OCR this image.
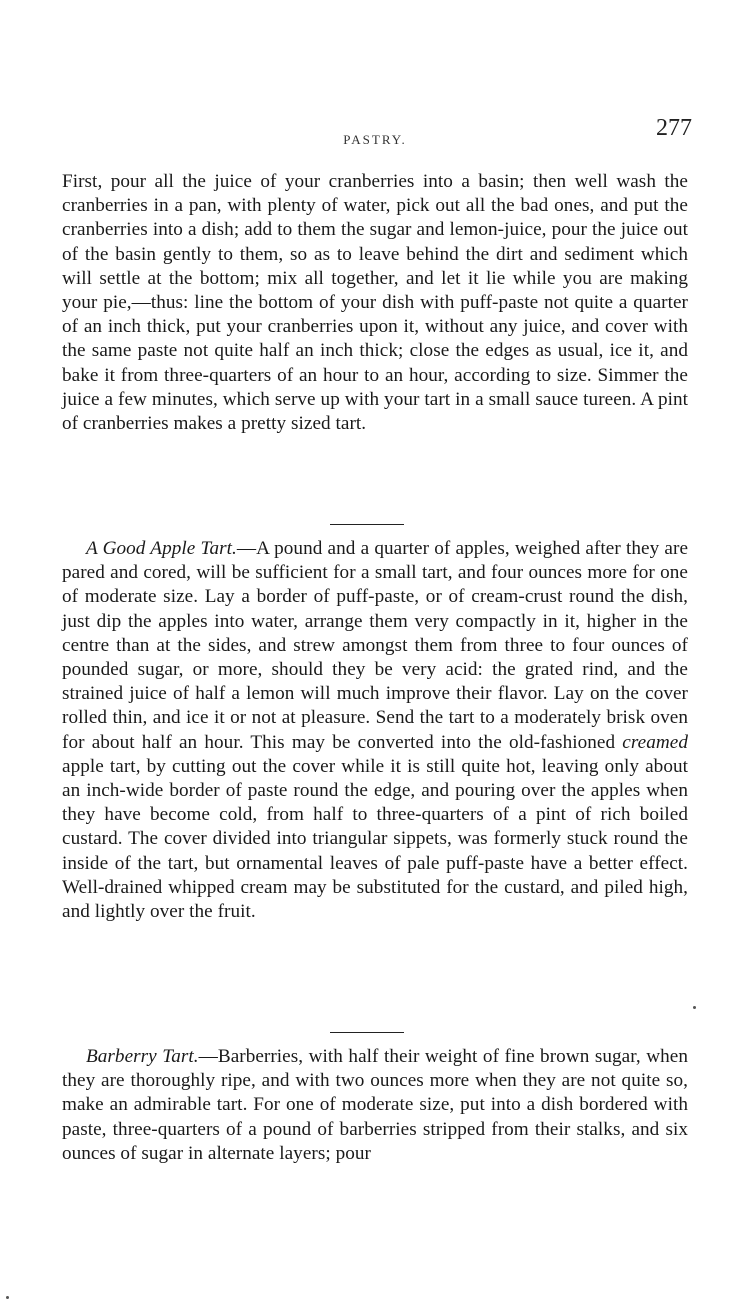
PASTRY.	277

First, pour all the juice of your cranberries into a basin; then well wash the cranberries in a pan, with plenty of water, pick out all the bad ones, and put the cranberries into a dish; add to them the sugar and lemon-juice, pour the juice out of the basin gently to them, so as to leave behind the dirt and sediment which will settle at the bottom; mix all together, and let it lie while you are making your pie,—thus: line the bottom of your dish with puff-paste not quite a quarter of an inch thick, put your cranberries upon it, without any juice, and cover with the same paste not quite half an inch thick; close the edges as usual, ice it, and bake it from three-quarters of an hour to an hour, according to size. Simmer the juice a few minutes, which serve up with your tart in a small sauce tureen. A pint of cranberries makes a pretty sized tart.

A Good Apple Tart.—A pound and a quarter of apples, weighed after they are pared and cored, will be sufficient for a small tart, and four ounces more for one of moderate size. Lay a border of puff-paste, or of cream-crust round the dish, just dip the apples into water, arrange them very compactly in it, higher in the centre than at the sides, and strew amongst them from three to four ounces of pounded sugar, or more, should they be very acid: the grated rind, and the strained juice of half a lemon will much improve their flavor. Lay on the cover rolled thin, and ice it or not at pleasure. Send the tart to a moderately brisk oven for about half an hour. This may be converted into the old-fashioned creamed apple tart, by cutting out the cover while it is still quite hot, leaving only about an inch-wide border of paste round the edge, and pouring over the apples when they have become cold, from half to three-quarters of a pint of rich boiled custard. The cover divided into triangular sippets, was formerly stuck round the inside of the tart, but ornamental leaves of pale puff-paste have a better effect. Well-drained whipped cream may be substituted for the custard, and piled high, and lightly over the fruit.

Barberry Tart.—Barberries, with half their weight of fine brown sugar, when they are thoroughly ripe, and with two ounces more when they are not quite so, make an admirable tart. For one of moderate size, put into a dish bordered with paste, three-quarters of a pound of barberries stripped from their stalks, and six ounces of sugar in alternate layers; pour
